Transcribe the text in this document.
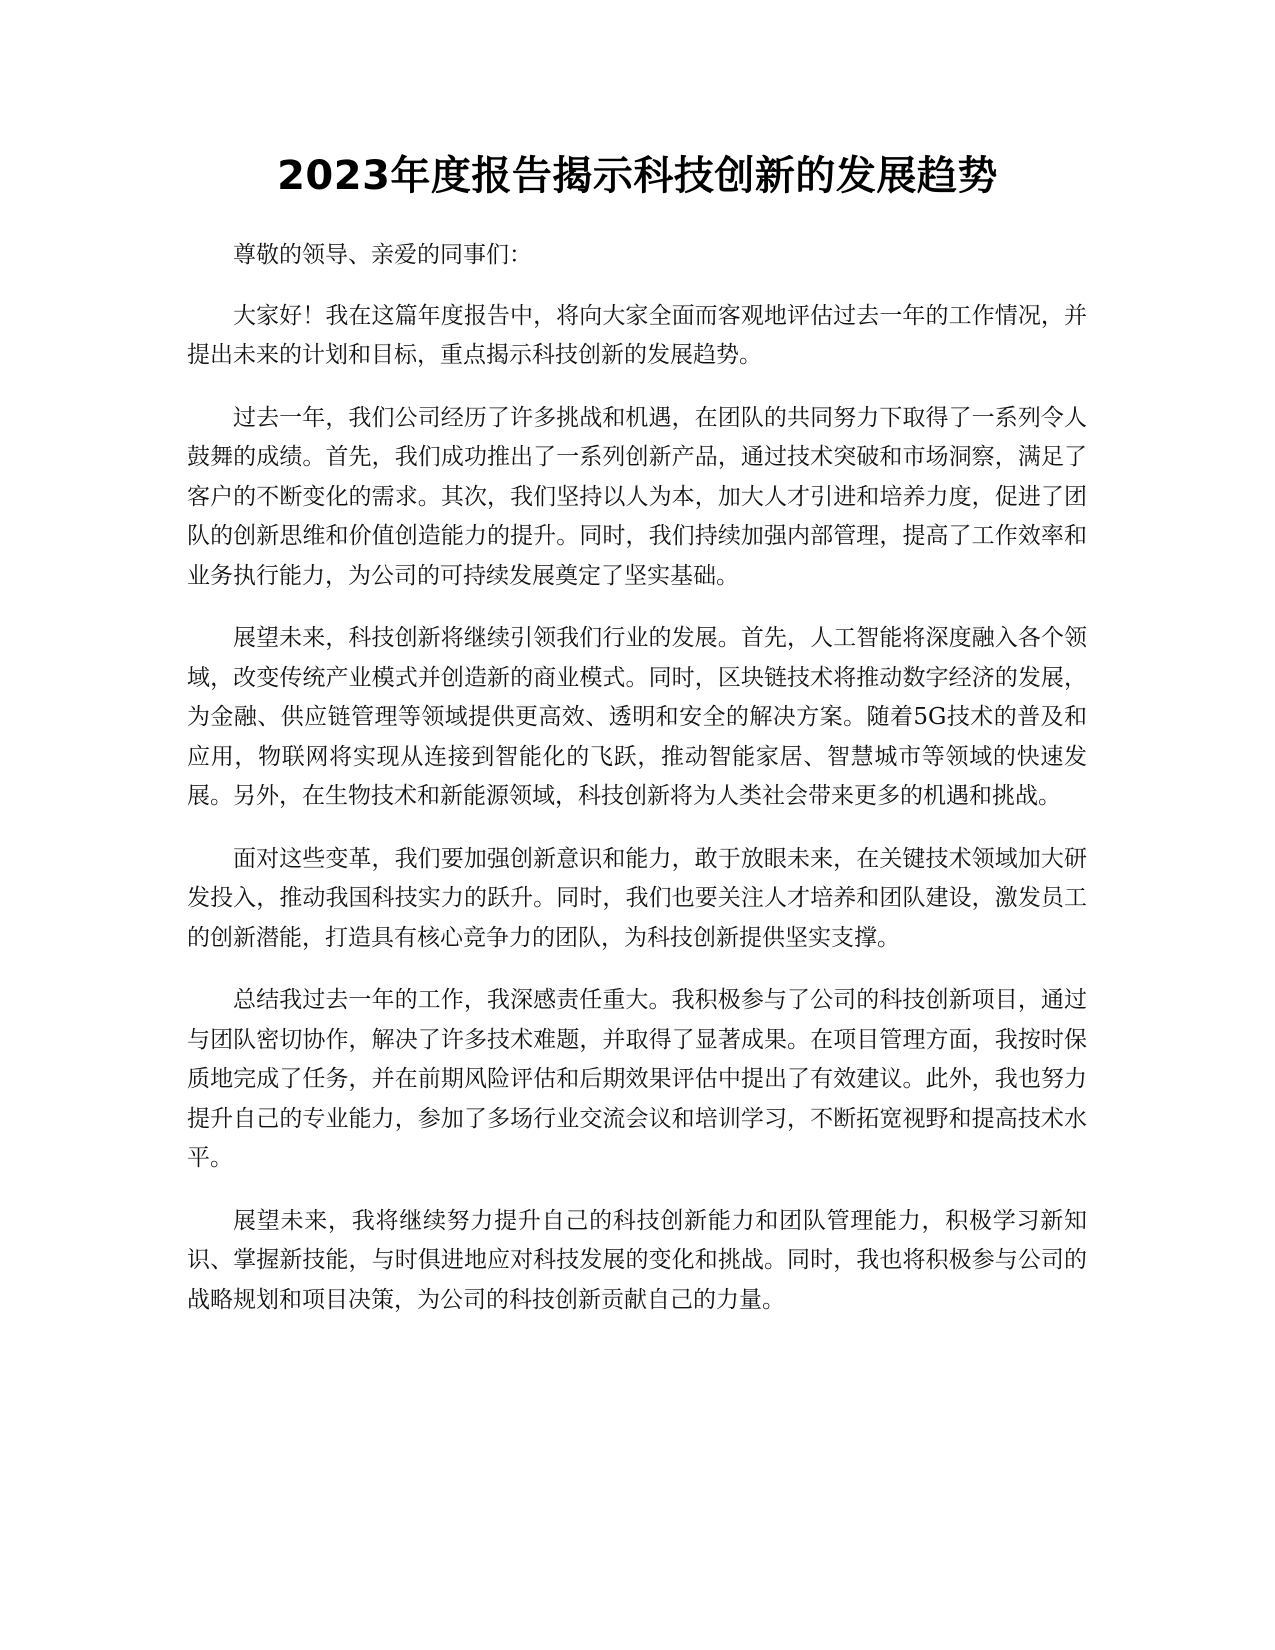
2023年度报告揭示科技创新的发展趋势

尊敬的领导、亲爱的同事们：

大家好！我在这篇年度报告中，将向大家全面而客观地评估过去一年的工作情况，并提出未来的计划和目标，重点揭示科技创新的发展趋势。

过去一年，我们公司经历了许多挑战和机遇，在团队的共同努力下取得了一系列令人鼓舞的成绩。首先，我们成功推出了一系列创新产品，通过技术突破和市场洞察，满足了客户的不断变化的需求。其次，我们坚持以人为本，加大人才引进和培养力度，促进了团队的创新思维和价值创造能力的提升。同时，我们持续加强内部管理，提高了工作效率和业务执行能力，为公司的可持续发展奠定了坚实基础。

展望未来，科技创新将继续引领我们行业的发展。首先，人工智能将深度融入各个领域，改变传统产业模式并创造新的商业模式。同时，区块链技术将推动数字经济的发展，为金融、供应链管理等领域提供更高效、透明和安全的解决方案。随着5G技术的普及和应用，物联网将实现从连接到智能化的飞跃，推动智能家居、智慧城市等领域的快速发展。另外，在生物技术和新能源领域，科技创新将为人类社会带来更多的机遇和挑战。

面对这些变革，我们要加强创新意识和能力，敢于放眼未来，在关键技术领域加大研发投入，推动我国科技实力的跃升。同时，我们也要关注人才培养和团队建设，激发员工的创新潜能，打造具有核心竞争力的团队，为科技创新提供坚实支撑。

总结我过去一年的工作，我深感责任重大。我积极参与了公司的科技创新项目，通过与团队密切协作，解决了许多技术难题，并取得了显著成果。在项目管理方面，我按时保质地完成了任务，并在前期风险评估和后期效果评估中提出了有效建议。此外，我也努力提升自己的专业能力，参加了多场行业交流会议和培训学习，不断拓宽视野和提高技术水平。

展望未来，我将继续努力提升自己的科技创新能力和团队管理能力，积极学习新知识、掌握新技能，与时俱进地应对科技发展的变化和挑战。同时，我也将积极参与公司的战略规划和项目决策，为公司的科技创新贡献自己的力量。
